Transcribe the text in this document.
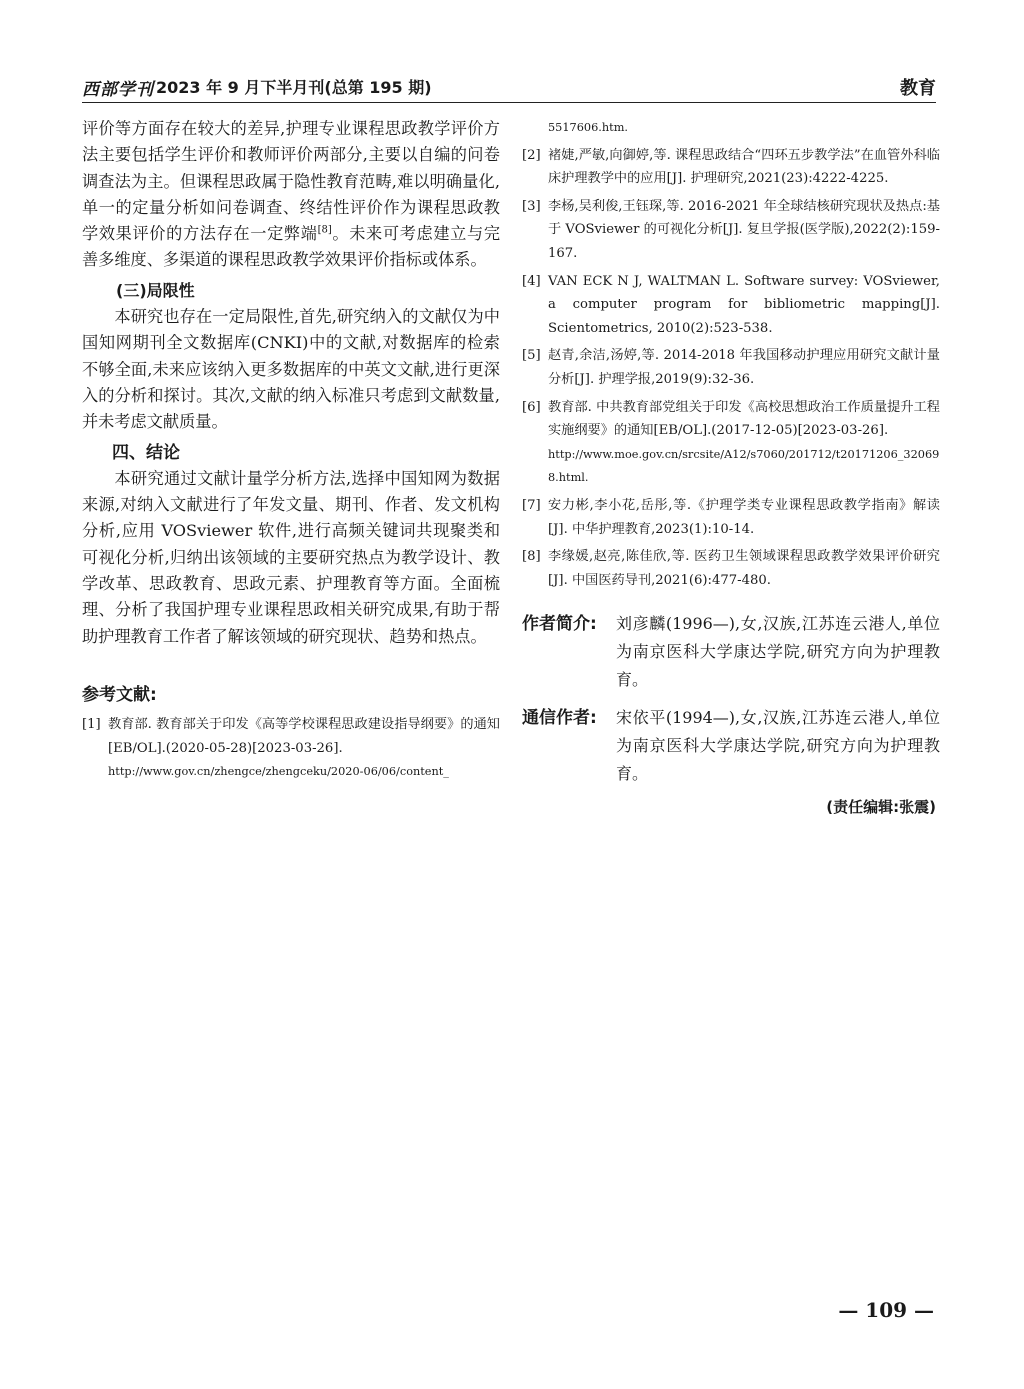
西部学刊 2023 年 9 月下半月刊(总第 195 期)	教育

评价等方面存在较大的差异,护理专业课程思政教学评价方法主要包括学生评价和教师评价两部分,主要以自编的问卷调查法为主。但课程思政属于隐性教育范畴,难以明确量化,单一的定量分析如问卷调查、终结性评价作为课程思政教学效果评价的方法存在一定弊端[8]。未来可考虑建立与完善多维度、多渠道的课程思政教学效果评价指标或体系。

(三)局限性

本研究也存在一定局限性,首先,研究纳入的文献仅为中国知网期刊全文数据库(CNKI)中的文献,对数据库的检索不够全面,未来应该纳入更多数据库的中英文文献,进行更深入的分析和探讨。其次,文献的纳入标准只考虑到文献数量,并未考虑文献质量。

四、结论

本研究通过文献计量学分析方法,选择中国知网为数据来源,对纳入文献进行了年发文量、期刊、作者、发文机构分析,应用 VOSviewer 软件,进行高频关键词共现聚类和可视化分析,归纳出该领域的主要研究热点为教学设计、教学改革、思政教育、思政元素、护理教育等方面。全面梳理、分析了我国护理专业课程思政相关研究成果,有助于帮助护理教育工作者了解该领域的研究现状、趋势和热点。

参考文献:
[1] 教育部. 教育部关于印发《高等学校课程思政建设指导纲要》的通知[EB/OL].(2020-05-28)[2023-03-26].
http://www.gov.cn/zhengce/zhengceku/2020-06/06/content_
5517606.htm.
[2] 褚婕,严敏,向御婷,等. 课程思政结合“四环五步教学法”在血管外科临床护理教学中的应用[J]. 护理研究,2021(23):4222-4225.
[3] 李杨,吴利俊,王钰琛,等. 2016-2021 年全球结核研究现状及热点:基于 VOSviewer 的可视化分析[J]. 复旦学报(医学版),2022(2):159-167.
[4] VAN ECK N J, WALTMAN L. Software survey: VOSviewer, a computer program for bibliometric mapping[J]. Scientometrics, 2010(2):523-538.
[5] 赵青,余洁,汤婷,等. 2014-2018 年我国移动护理应用研究文献计量分析[J]. 护理学报,2019(9):32-36.
[6] 教育部. 中共教育部党组关于印发《高校思想政治工作质量提升工程实施纲要》的通知[EB/OL].(2017-12-05)[2023-03-26].
http://www.moe.gov.cn/srcsite/A12/s7060/201712/t20171206_320698.html.
[7] 安力彬,李小花,岳彤,等.《护理学类专业课程思政教学指南》解读[J]. 中华护理教育,2023(1):10-14.
[8] 李缘媛,赵亮,陈佳欣,等. 医药卫生领域课程思政教学效果评价研究[J]. 中国医药导刊,2021(6):477-480.
作者简介: 刘彦麟(1996—),女,汉族,江苏连云港人,单位为南京医科大学康达学院,研究方向为护理教育。
通信作者: 宋依平(1994—),女,汉族,江苏连云港人,单位为南京医科大学康达学院,研究方向为护理教育。
(责任编辑:张震)
— 109 —
